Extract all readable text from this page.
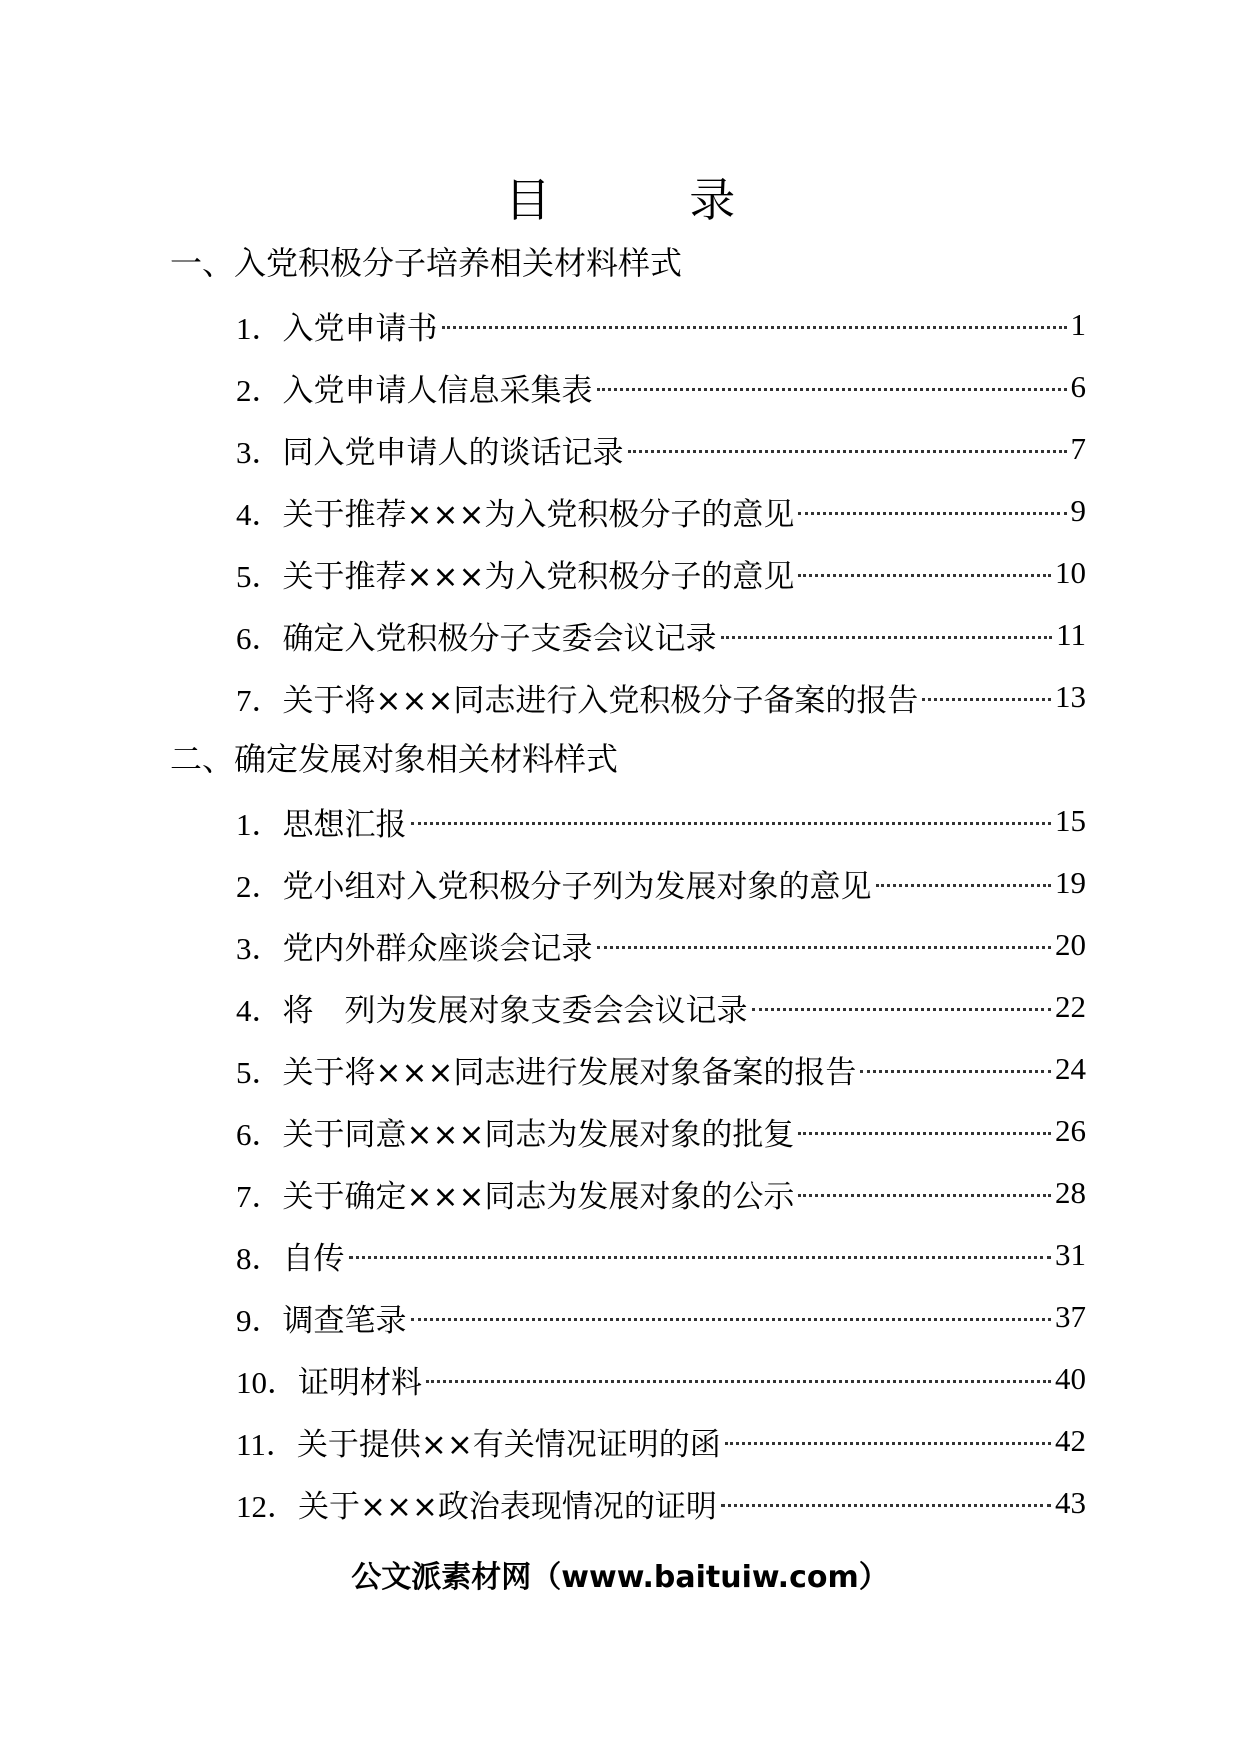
目 录
一、入党积极分子培养相关材料样式
1． 入党申请书	1
2． 入党申请人信息采集表	6
3． 同入党申请人的谈话记录	7
4． 关于推荐×××为入党积极分子的意见	9
5． 关于推荐×××为入党积极分子的意见	10
6． 确定入党积极分子支委会议记录	11
7． 关于将×××同志进行入党积极分子备案的报告	13
二、确定发展对象相关材料样式
1． 思想汇报	15
2． 党小组对入党积极分子列为发展对象的意见	19
3． 党内外群众座谈会记录	20
4． 将　列为发展对象支委会会议记录	22
5． 关于将×××同志进行发展对象备案的报告	24
6． 关于同意×××同志为发展对象的批复	26
7． 关于确定×××同志为发展对象的公示	28
8． 自传	31
9． 调查笔录	37
10． 证明材料	40
11． 关于提供××有关情况证明的函	42
12． 关于×××政治表现情况的证明	43
公文派素材网（www.baituiw.com）
